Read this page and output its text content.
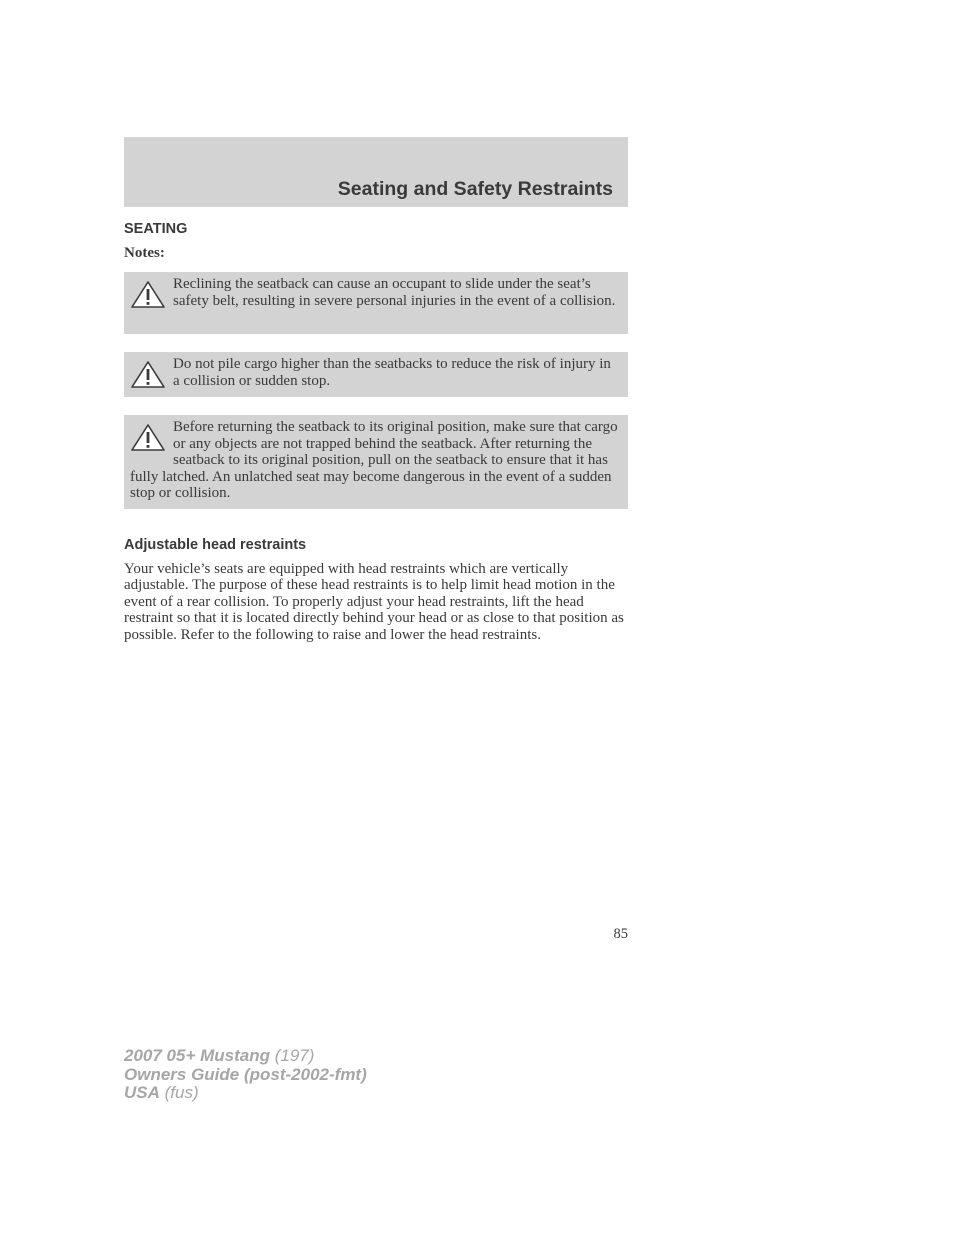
Seating and Safety Restraints
SEATING
Notes:

Reclining the seatback can cause an occupant to slide under the seat’s safety belt, resulting in severe personal injuries in the event of a collision.

Do not pile cargo higher than the seatbacks to reduce the risk of injury in a collision or sudden stop.

Before returning the seatback to its original position, make sure that cargo or any objects are not trapped behind the seatback. After returning the seatback to its original position, pull on the seatback to ensure that it has fully latched. An unlatched seat may become dangerous in the event of a sudden stop or collision.

Adjustable head restraints

Your vehicle’s seats are equipped with head restraints which are vertically adjustable. The purpose of these head restraints is to help limit head motion in the event of a rear collision. To properly adjust your head restraints, lift the head restraint so that it is located directly behind your head or as close to that position as possible. Refer to the following to raise and lower the head restraints.

85
2007 05+ Mustang (197)
Owners Guide (post-2002-fmt)
USA (fus)
